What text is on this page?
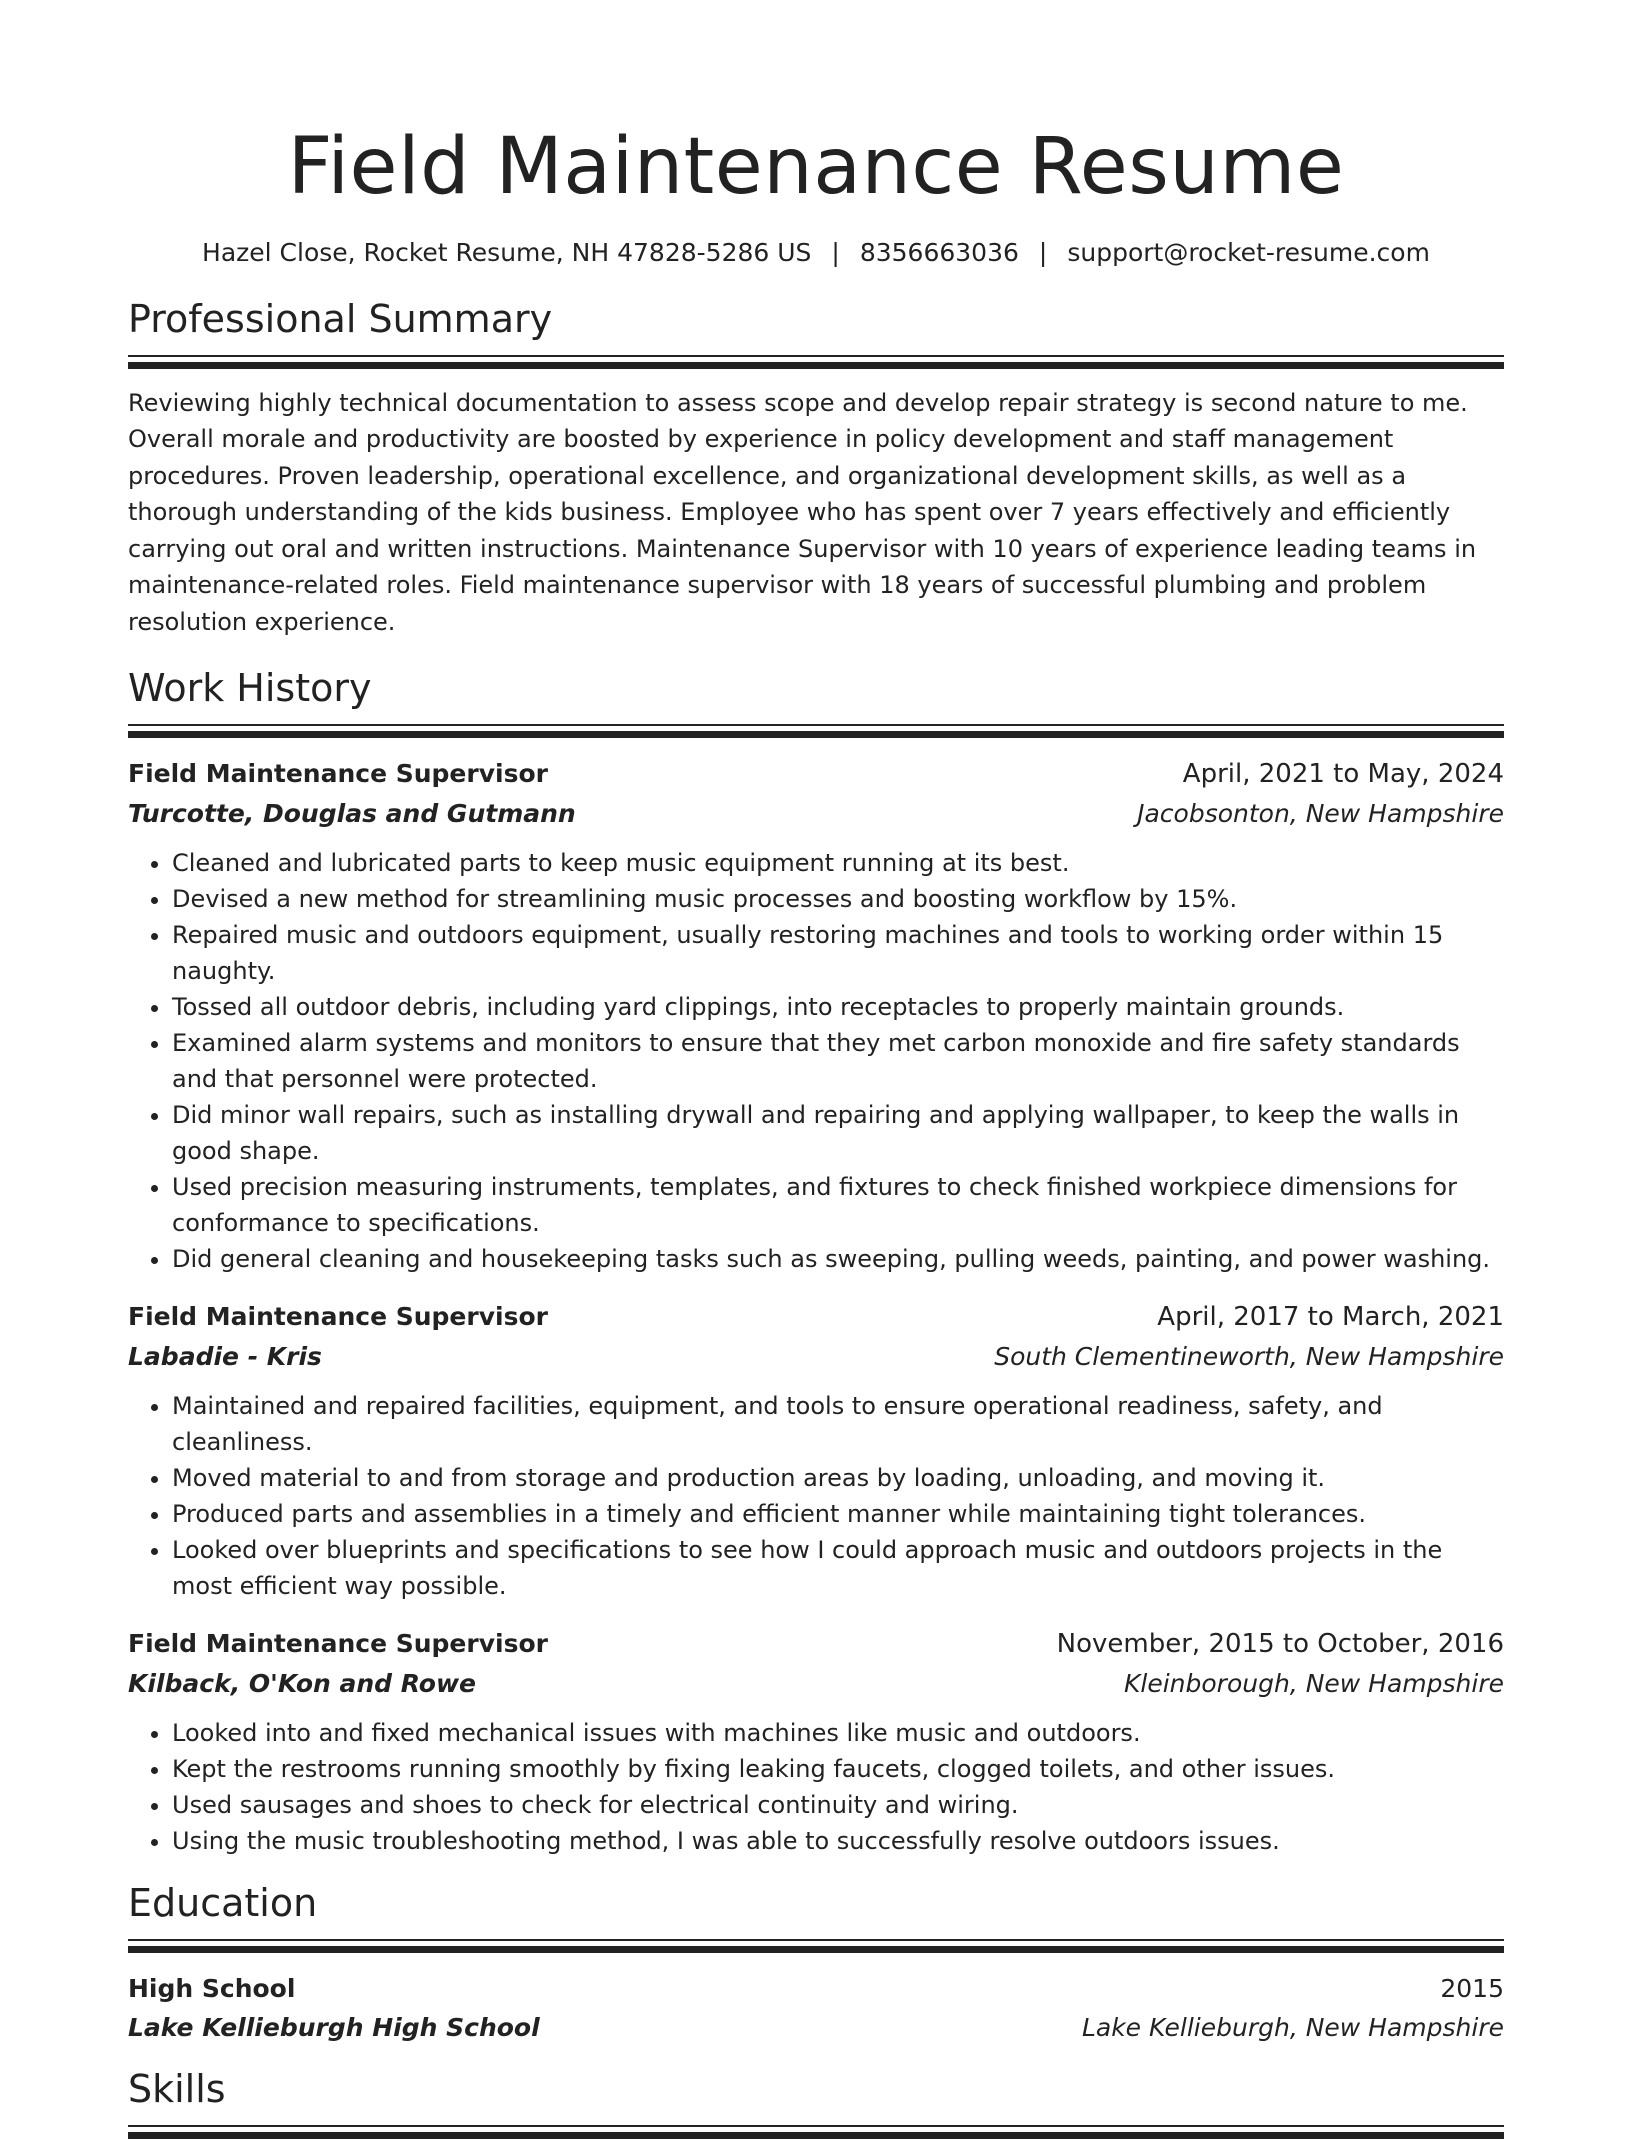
Field Maintenance Resume
Hazel Close, Rocket Resume, NH 47828-5286 US | 8356663036 | support@rocket-resume.com
Professional Summary

Reviewing highly technical documentation to assess scope and develop repair strategy is second nature to me. Overall morale and productivity are boosted by experience in policy development and staff management procedures. Proven leadership, operational excellence, and organizational development skills, as well as a thorough understanding of the kids business. Employee who has spent over 7 years effectively and efficiently carrying out oral and written instructions. Maintenance Supervisor with 10 years of experience leading teams in maintenance-related roles. Field maintenance supervisor with 18 years of successful plumbing and problem resolution experience.

Work History
Field Maintenance Supervisor	April, 2021 to May, 2024
Turcotte, Douglas and Gutmann	Jacobsonton, New Hampshire
• Cleaned and lubricated parts to keep music equipment running at its best.
• Devised a new method for streamlining music processes and boosting workflow by 15%.
• Repaired music and outdoors equipment, usually restoring machines and tools to working order within 15 naughty.
• Tossed all outdoor debris, including yard clippings, into receptacles to properly maintain grounds.
• Examined alarm systems and monitors to ensure that they met carbon monoxide and fire safety standards and that personnel were protected.
• Did minor wall repairs, such as installing drywall and repairing and applying wallpaper, to keep the walls in good shape.
• Used precision measuring instruments, templates, and fixtures to check finished workpiece dimensions for conformance to specifications.
• Did general cleaning and housekeeping tasks such as sweeping, pulling weeds, painting, and power washing.
Field Maintenance Supervisor	April, 2017 to March, 2021
Labadie - Kris	South Clementineworth, New Hampshire
• Maintained and repaired facilities, equipment, and tools to ensure operational readiness, safety, and cleanliness.
• Moved material to and from storage and production areas by loading, unloading, and moving it.
• Produced parts and assemblies in a timely and efficient manner while maintaining tight tolerances.
• Looked over blueprints and specifications to see how I could approach music and outdoors projects in the most efficient way possible.
Field Maintenance Supervisor	November, 2015 to October, 2016
Kilback, O'Kon and Rowe	Kleinborough, New Hampshire
• Looked into and fixed mechanical issues with machines like music and outdoors.
• Kept the restrooms running smoothly by fixing leaking faucets, clogged toilets, and other issues.
• Used sausages and shoes to check for electrical continuity and wiring.
• Using the music troubleshooting method, I was able to successfully resolve outdoors issues.
Education
High School	2015
Lake Kellieburgh High School	Lake Kellieburgh, New Hampshire
Skills
